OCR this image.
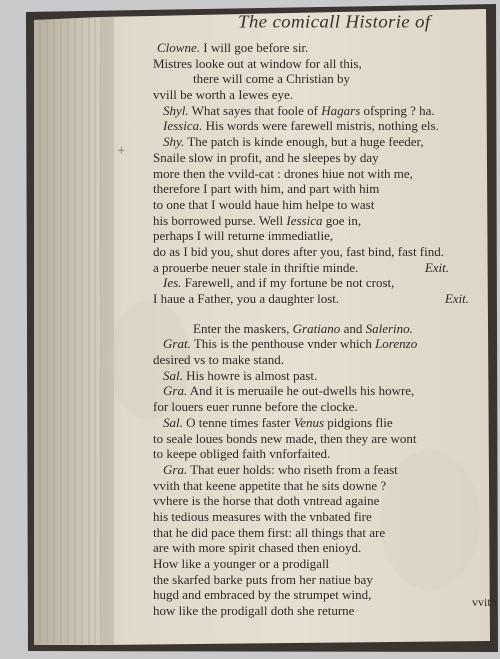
The comicall Historie of
+
Clowne. I will goe before sir.
Mistres looke out at window for all this,
there will come a Christian by
vvill be worth a Iewes eye.
Shyl. What sayes that foole of Hagars ofspring ? ha.
Iessica. His words were farewell mistris, nothing els.
Shy. The patch is kinde enough, but a huge feeder,
Snaile slow in profit, and he sleepes by day
more then the vvild-cat : drones hiue not with me,
therefore I part with him, and part with him
to one that I would haue him helpe to wast
his borrowed purse. Well Iessica goe in,
perhaps I will returne immediatlie,
do as I bid you, shut dores after you, fast bind, fast find.
a prouerbe neuer stale in thriftie minde.	Exit.
Ies. Farewell, and if my fortune be not crost,
I haue a Father, you a daughter lost.	Exit.
Enter the maskers, Gratiano and Salerino.
Grat. This is the penthouse vnder which Lorenzo
desired vs to make stand.
Sal. His howre is almost past.
Gra. And it is meruaile he out-dwells his howre,
for louers euer runne before the clocke.
Sal. O tenne times faster Venus pidgions flie
to seale loues bonds new made, then they are wont
to keepe obliged faith vnforfaited.
Gra. That euer holds: who riseth from a feast
vvith that keene appetite that he sits downe ?
vvhere is the horse that doth vntread againe
his tedious measures with the vnbated fire
that he did pace them first: all things that are
are with more spirit chased then enioyd.
How like a younger or a prodigall
the skarfed barke puts from her natiue bay
hugd and embraced by the strumpet wind,
how like the prodigall doth she returne
vvith
